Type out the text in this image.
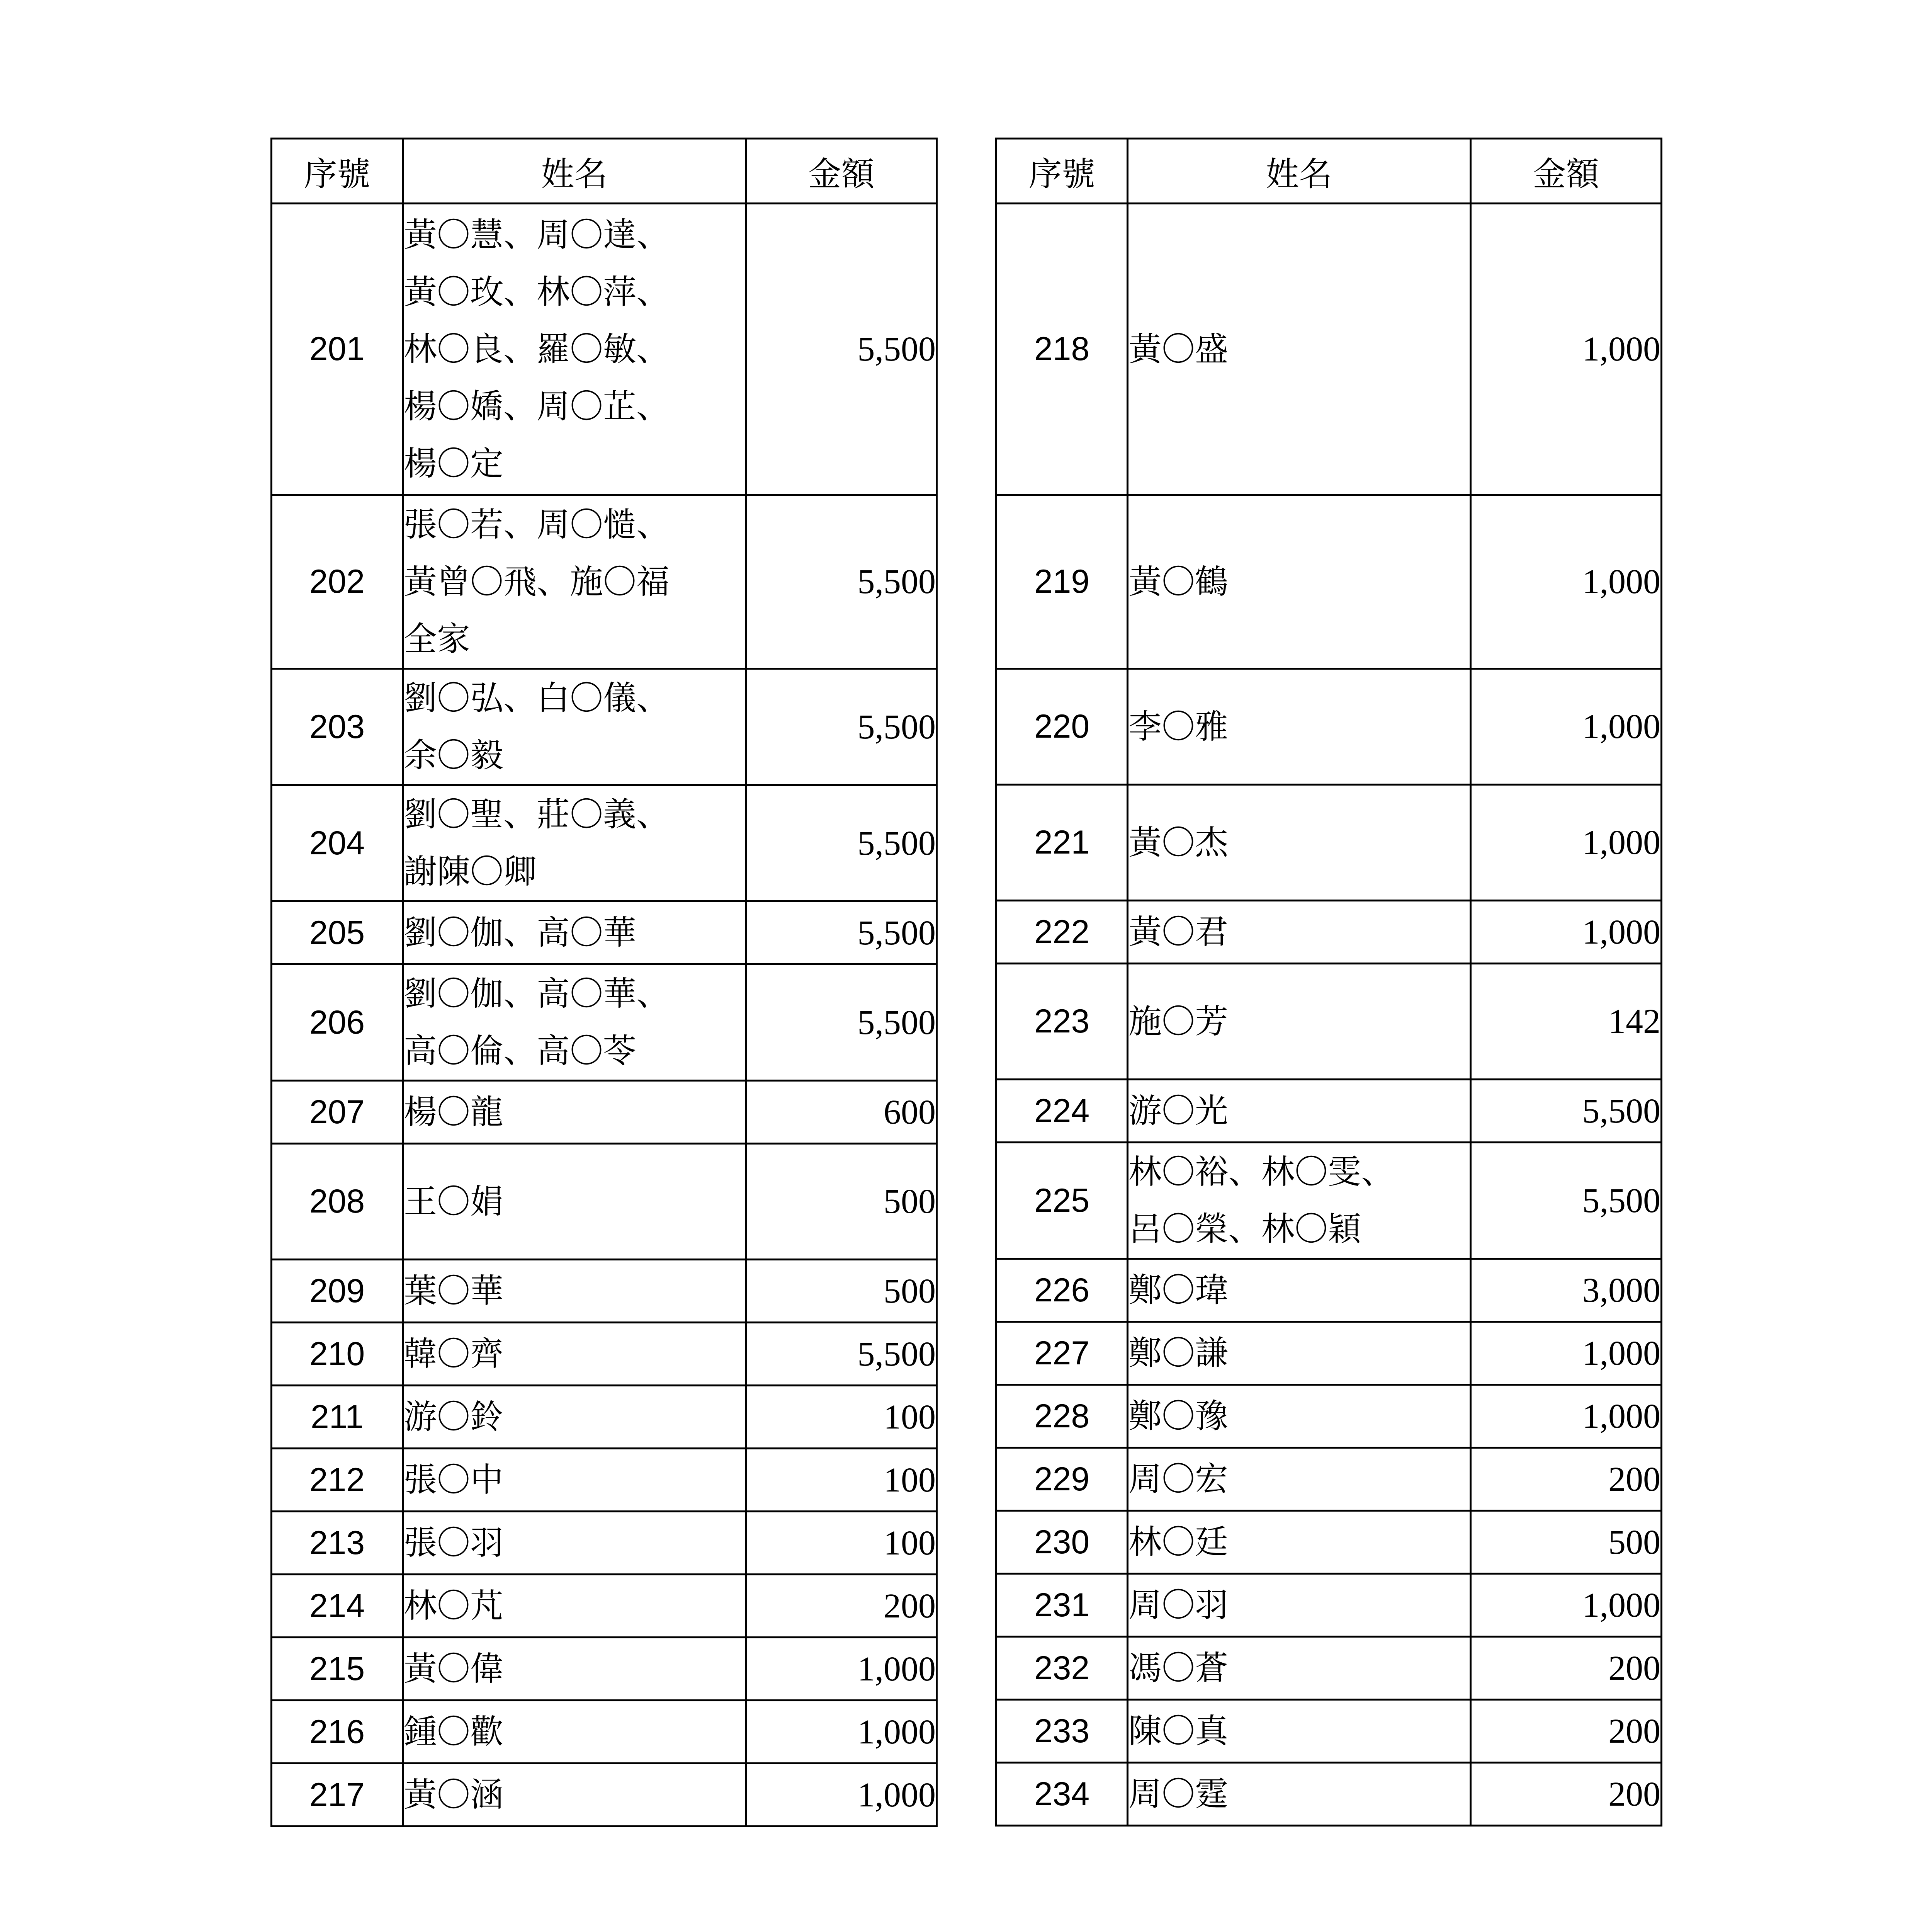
序號	姓名	金額
201	黃〇慧、周〇達、
黃〇玫、林〇萍、
林〇良、羅〇敏、
楊〇嬌、周〇芷、
楊〇定	5,500
202	張〇若、周〇慥、
黃曾〇飛、施〇福
全家	5,500
203	劉〇弘、白〇儀、
余〇毅	5,500
204	劉〇聖、莊〇義、
謝陳〇卿	5,500
205	劉〇伽、高〇華	5,500
206	劉〇伽、高〇華、
高〇倫、高〇苓	5,500
207	楊〇龍	600
208	王〇娟	500
209	葉〇華	500
210	韓〇齊	5,500
211	游〇鈴	100
212	張〇中	100
213	張〇羽	100
214	林〇芃	200
215	黃〇偉	1,000
216	鍾〇歡	1,000
217	黃〇涵	1,000
序號	姓名	金額
218	黃〇盛	1,000
219	黃〇鶴	1,000
220	李〇雅	1,000
221	黃〇杰	1,000
222	黃〇君	1,000
223	施〇芳	142
224	游〇光	5,500
225	林〇裕、林〇雯、
呂〇榮、林〇穎	5,500
226	鄭〇瑋	3,000
227	鄭〇謙	1,000
228	鄭〇豫	1,000
229	周〇宏	200
230	林〇廷	500
231	周〇羽	1,000
232	馮〇蒼	200
233	陳〇真	200
234	周〇霆	200
